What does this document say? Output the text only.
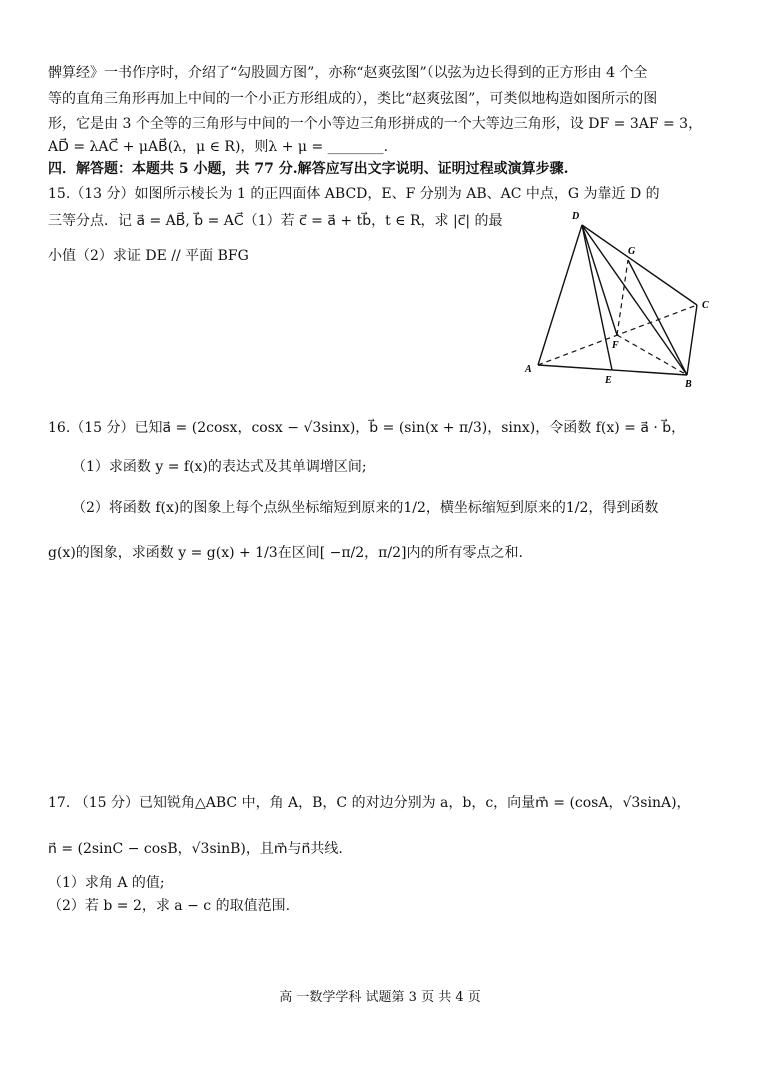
髀算经》一书作序时，介绍了“勾股圆方图”，亦称“赵爽弦图”（以弦为边长得到的正方形由 4 个全
等的直角三角形再加上中间的一个小正方形组成的），类比“赵爽弦图”，可类似地构造如图所示的图
形，它是由 3 个全等的三角形与中间的一个小等边三角形拼成的一个大等边三角形，设 DF = 3AF = 3，
AD⃗ = λAC⃗ + μAB⃗(λ，μ ∈ R)，则λ + μ = ________.
四．解答题：本题共 5 小题，共 77 分.解答应写出文字说明、证明过程或演算步骤.
15.（13 分）如图所示棱长为 1 的正四面体 ABCD，E、F 分别为 AB、AC 中点，G 为靠近 D 的
三等分点．记 a⃗ = AB⃗, b⃗ = AC⃗（1）若 c⃗ = a⃗ + tb⃗，t ∈ R，求 |c⃗| 的最
小值（2）求证 DE // 平面 BFG
D
G
C
F
A
E	B
16.（15 分）已知a⃗ = (2cosx，cosx − √3sinx)，b⃗ = (sin(x + π/3)，sinx)，令函数 f(x) = a⃗ · b⃗，
（1）求函数 y = f(x)的表达式及其单调增区间;
（2）将函数 f(x)的图象上每个点纵坐标缩短到原来的1/2，横坐标缩短到原来的1/2，得到函数
g(x)的图象，求函数 y = g(x) + 1/3在区间[ −π/2，π/2]内的所有零点之和.
17. （15 分）已知锐角△ABC 中，角 A，B，C 的对边分别为 a，b，c，向量m⃗ = (cosA，√3sinA)，
n⃗ = (2sinC − cosB，√3sinB)，且m⃗与n⃗共线.
（1）求角 A 的值;
（2）若 b = 2，求 a − c 的取值范围.
高 一数学学科 试题第 3 页 共 4 页
